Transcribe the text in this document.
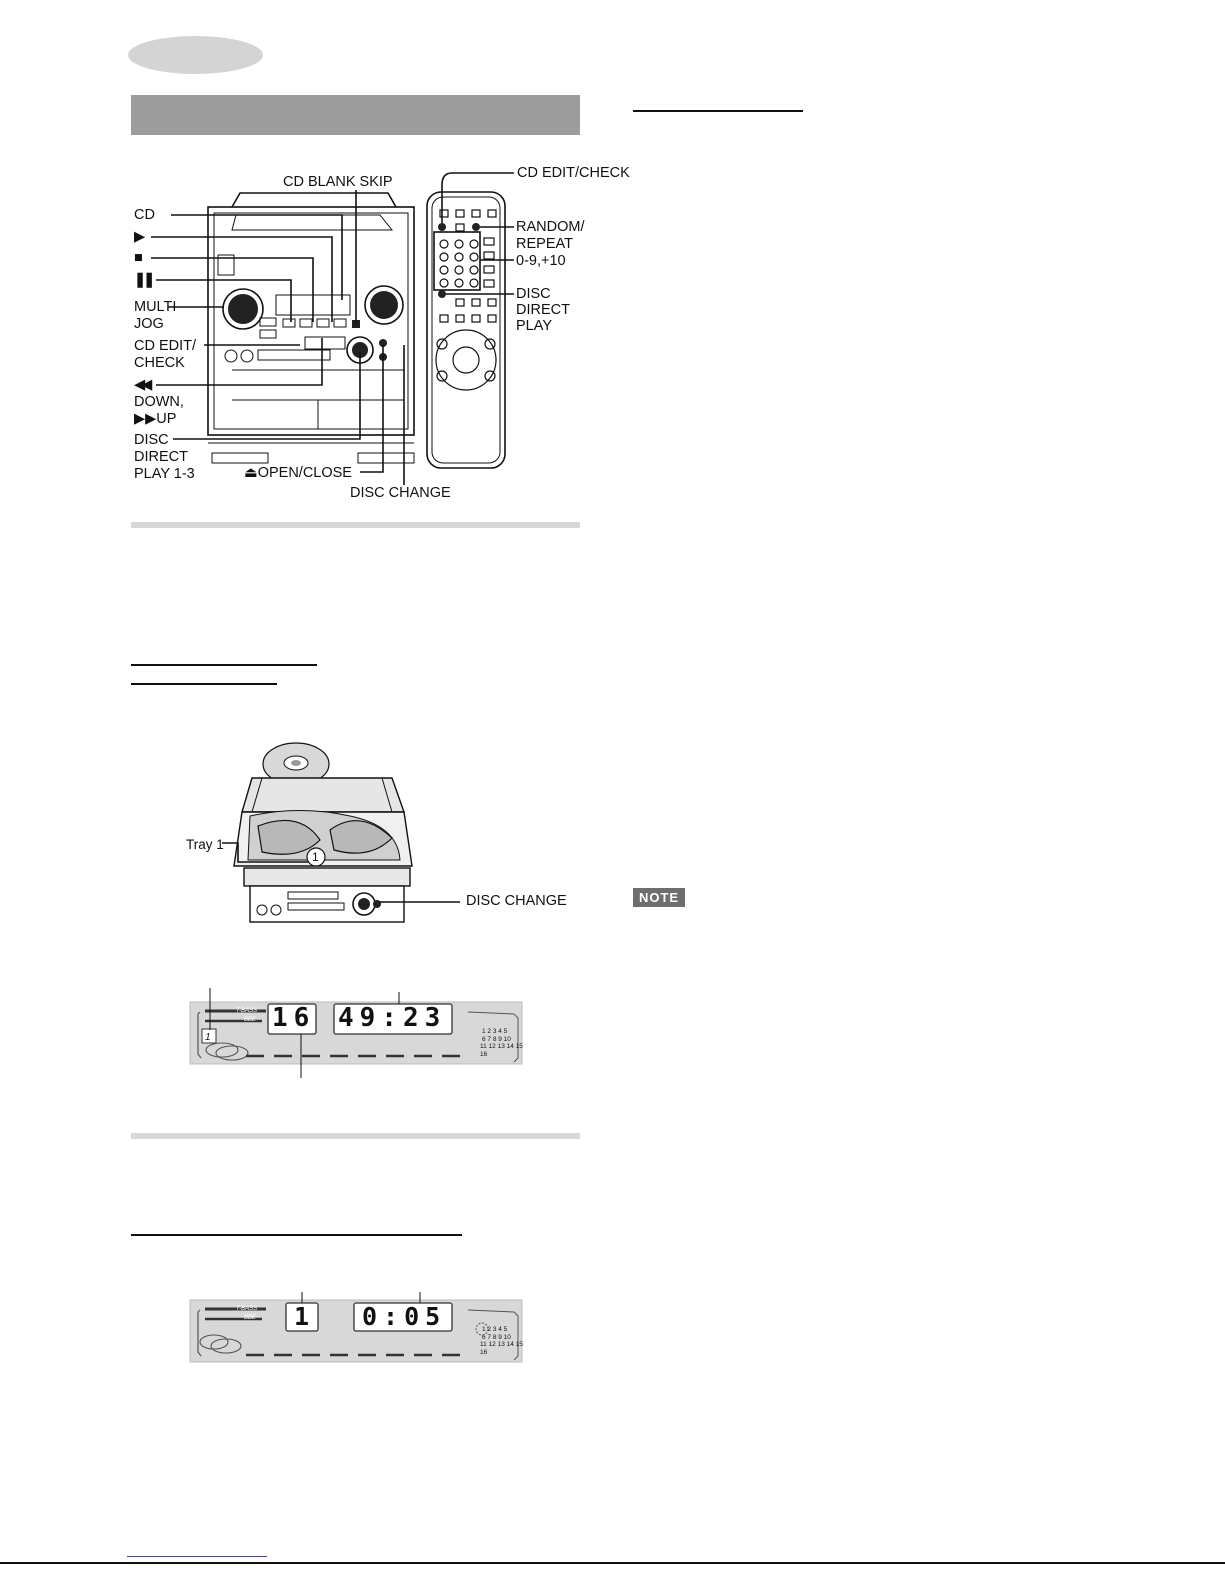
CD BLANK SKIP
CD
▶
■
❚❚
MULTI
JOG
CD EDIT/
CHECK
◀◀
DOWN,
▶▶UP
DISC
DIRECT
PLAY 1-3	⏏OPEN/CLOSE
DISC CHANGE
CD EDIT/CHECK
RANDOM/
REPEAT
0-9,+10
DISC
DIRECT
PLAY
1
Tray 1
DISC CHANGE
T-BASS
BBE
1
16 49:23	1 2 3 4 5
6 7 8 9 10
11 12 13 14 15
16
T-BASS
BBE 1 0:05	1 2 3 4 5
6 7 8 9 10
11 12 13 14 15
16
NOTE
